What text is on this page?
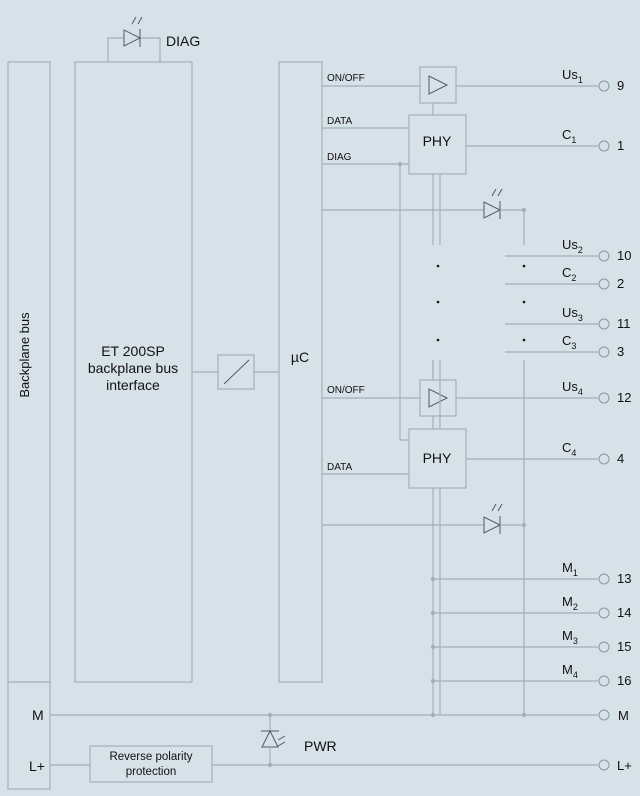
Backplane bus	ET 200SP
backplane bus
interface
µC
DIAG
PHY
PHY
Reverse polarity
protection
PWR
ON/OFF
DATA
DIAG
ON/OFF
DATA
M	M
L+	L+
$Us_1$	9
$C_1$	1
$Us_2$	10
$C_2$	2
$Us_3$	11
$C_3$	3
$Us_4$	12
$C_4$	4
$M_1$	13
$M_2$	14
$M_3$	15
$M_4$	16
